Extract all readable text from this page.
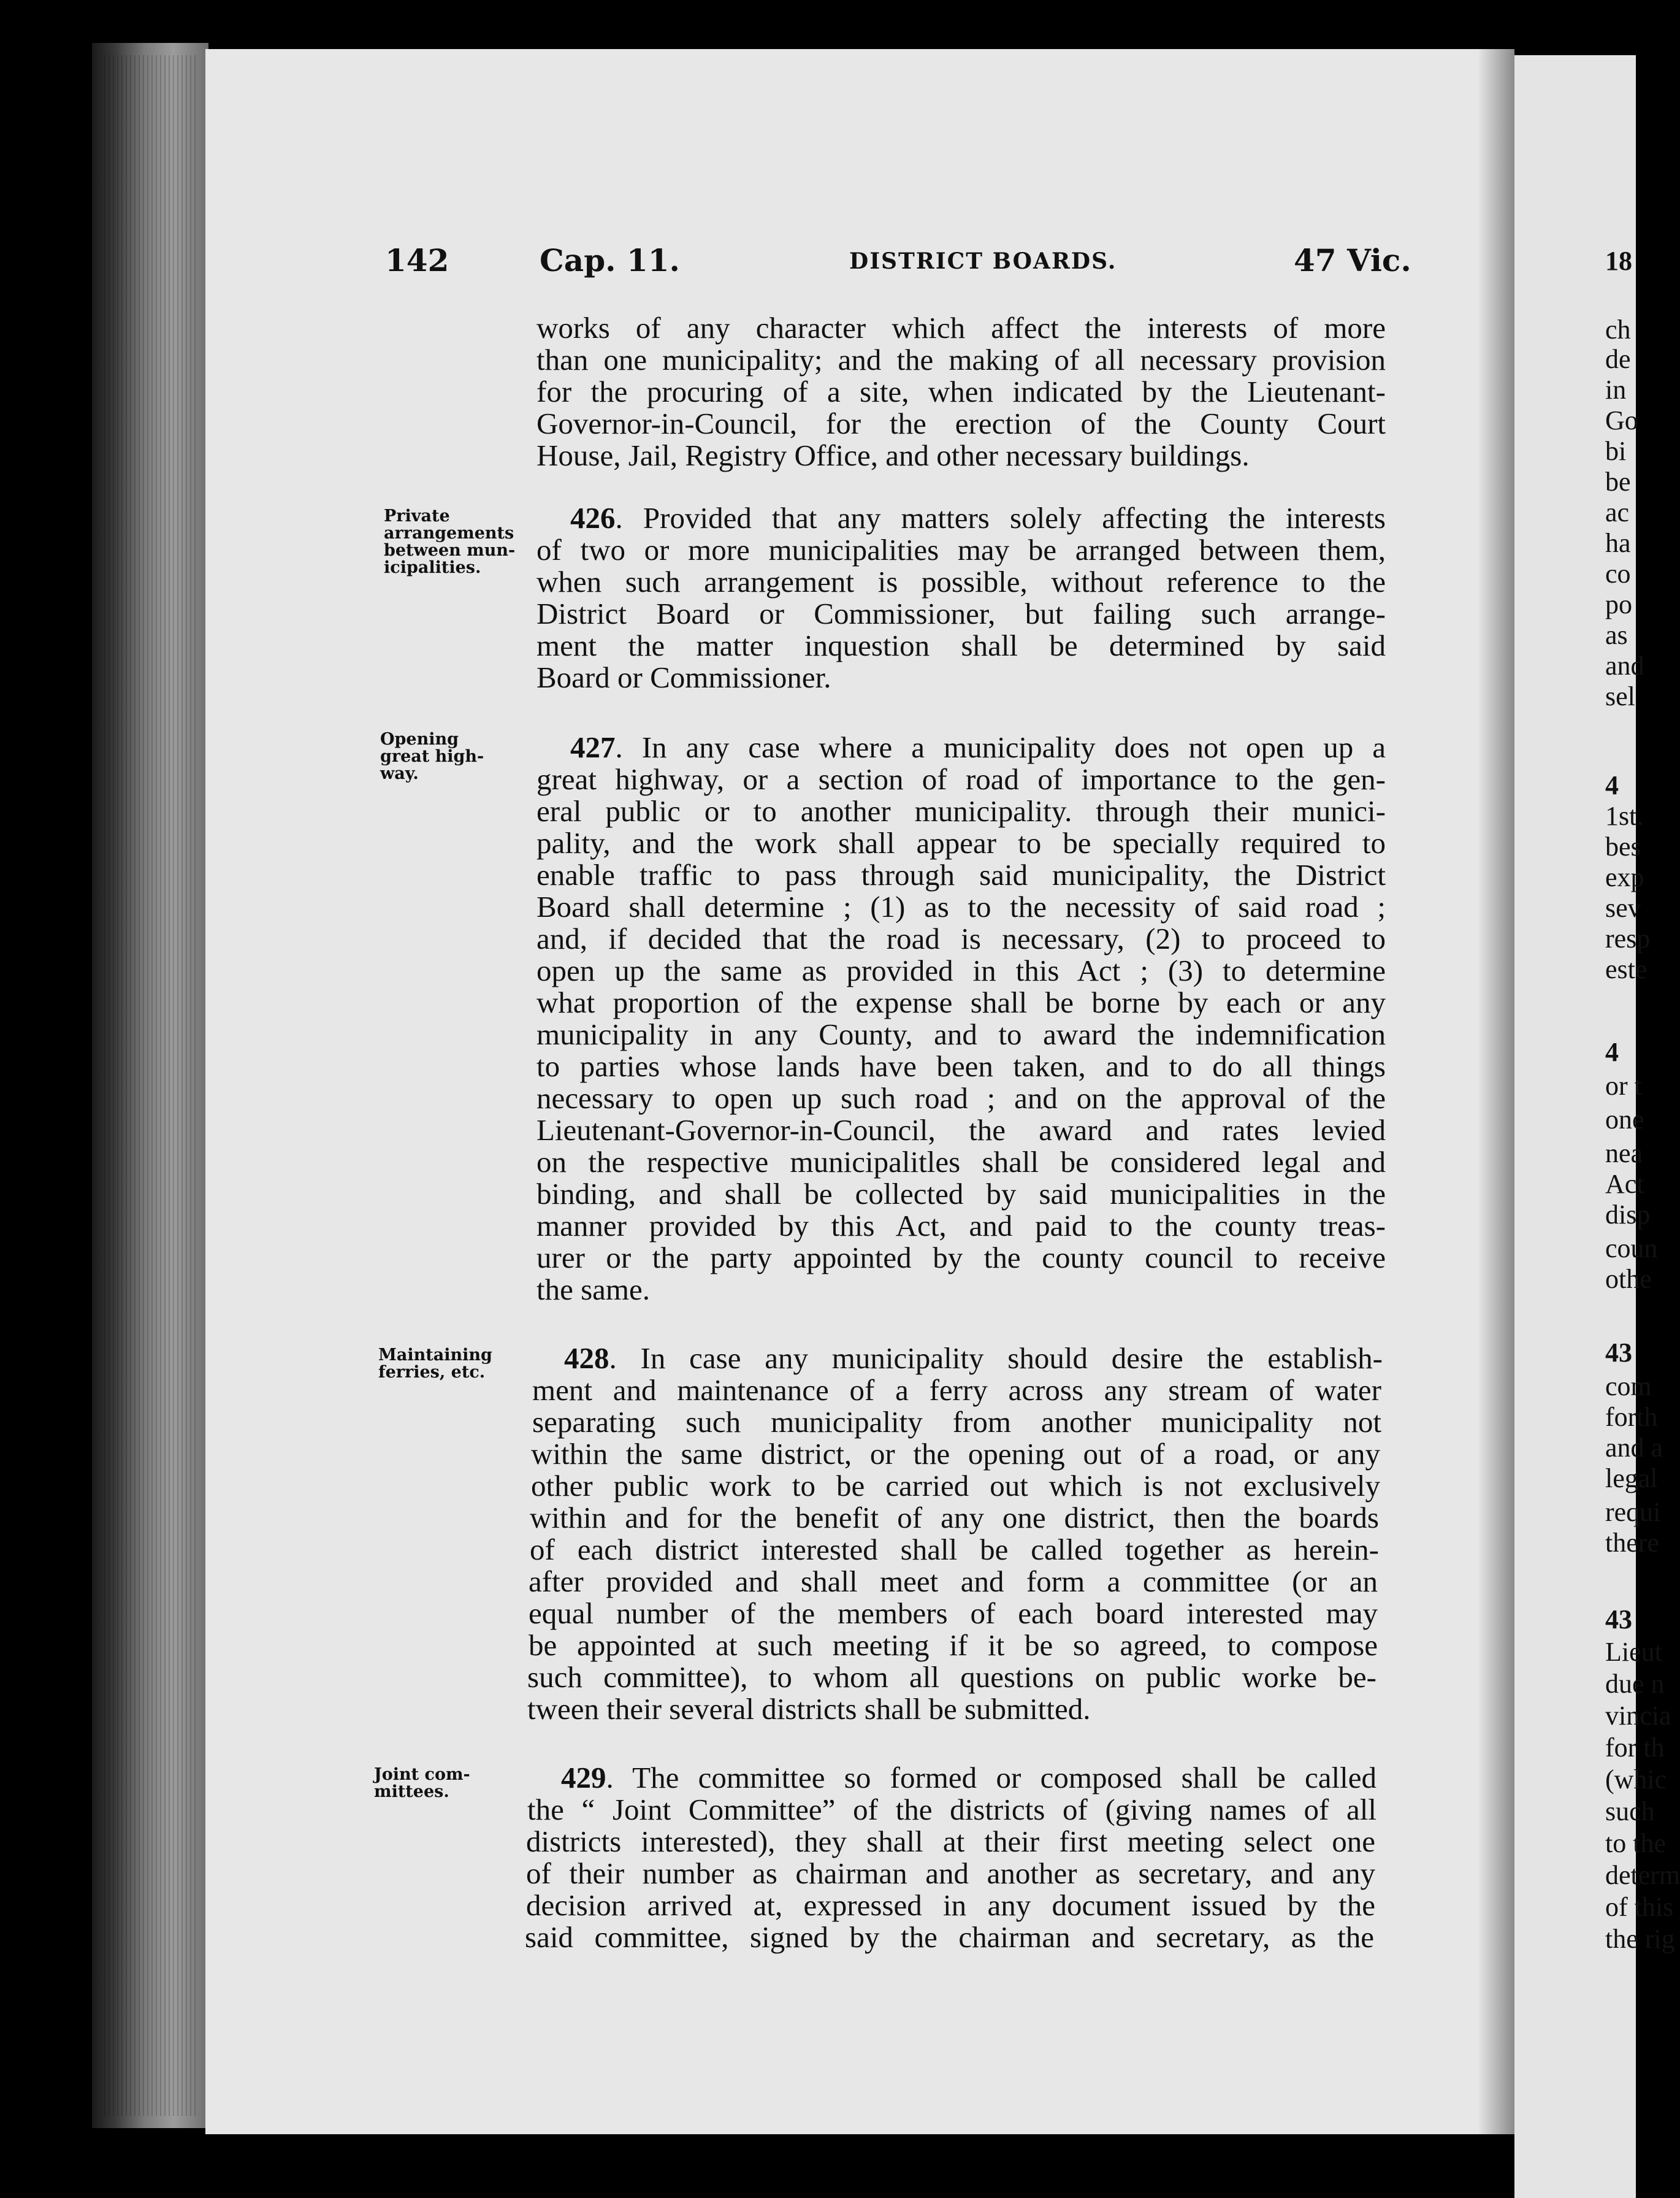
142	Cap. 11.	DISTRICT BOARDS.	47 Vic.
works of any character which affect the interests of more
than one municipality; and the making of all necessary provision
for the procuring of a site, when indicated by the Lieutenant-
Governor-in-Council, for the erection of the County Court
House, Jail, Registry Office, and other necessary buildings.
Private
arrangements
between mun-
icipalities.
426. Provided that any matters solely affecting the interests
of two or more municipalities may be arranged between them,
when such arrangement is possible, without reference to the
District Board or Commissioner, but failing such arrange-
ment the matter inquestion shall be determined by said
Board or Commissioner.
Opening
great high-
way.
427. In any case where a municipality does not open up a
great highway, or a section of road of importance to the gen-
eral public or to another municipality. through their munici-
pality, and the work shall appear to be specially required to
enable traffic to pass through said municipality, the District
Board shall determine ; (1) as to the necessity of said road ;
and, if decided that the road is necessary, (2) to proceed to
open up the same as provided in this Act ; (3) to determine
what proportion of the expense shall be borne by each or any
municipality in any County, and to award the indemnification
to parties whose lands have been taken, and to do all things
necessary to open up such road ; and on the approval of the
Lieutenant-Governor-in-Council, the award and rates levied
on the respective municipalitles shall be considered legal and
binding, and shall be collected by said municipalities in the
manner provided by this Act, and paid to the county treas-
urer or the party appointed by the county council to receive
the same.
Maintaining
ferries, etc.	428. In case any municipality should desire the establish-
ment and maintenance of a ferry across any stream of water
separating such municipality from another municipality not
within the same district, or the opening out of a road, or any
other public work to be carried out which is not exclusively
within and for the benefit of any one district, then the boards
of each district interested shall be called together as herein-
after provided and shall meet and form a committee (or an
equal number of the members of each board interested may
be appointed at such meeting if it be so agreed, to compose
such committee), to whom all questions on public worke be-
tween their several districts shall be submitted.
Joint com-
mittees.	429. The committee so formed or composed shall be called
the “ Joint Committee” of the districts of (giving names of all
districts interested), they shall at their first meeting select one
of their number as chairman and another as secretary, and any
decision arrived at, expressed in any document issued by the
said committee, signed by the chairman and secretary, as the
18
ch
de
in
Go
bi
be
ac
ha
co
po
as
and
sel
4
1st.
bes
exp
sev
resp
este
4
or t
one
nea
Act
disp
coun
othe
43
com
forth
and a
legal
requi
there
43
Lieut
due n
vincia
for th
(whic
such
to the
determ
of this
the rig
